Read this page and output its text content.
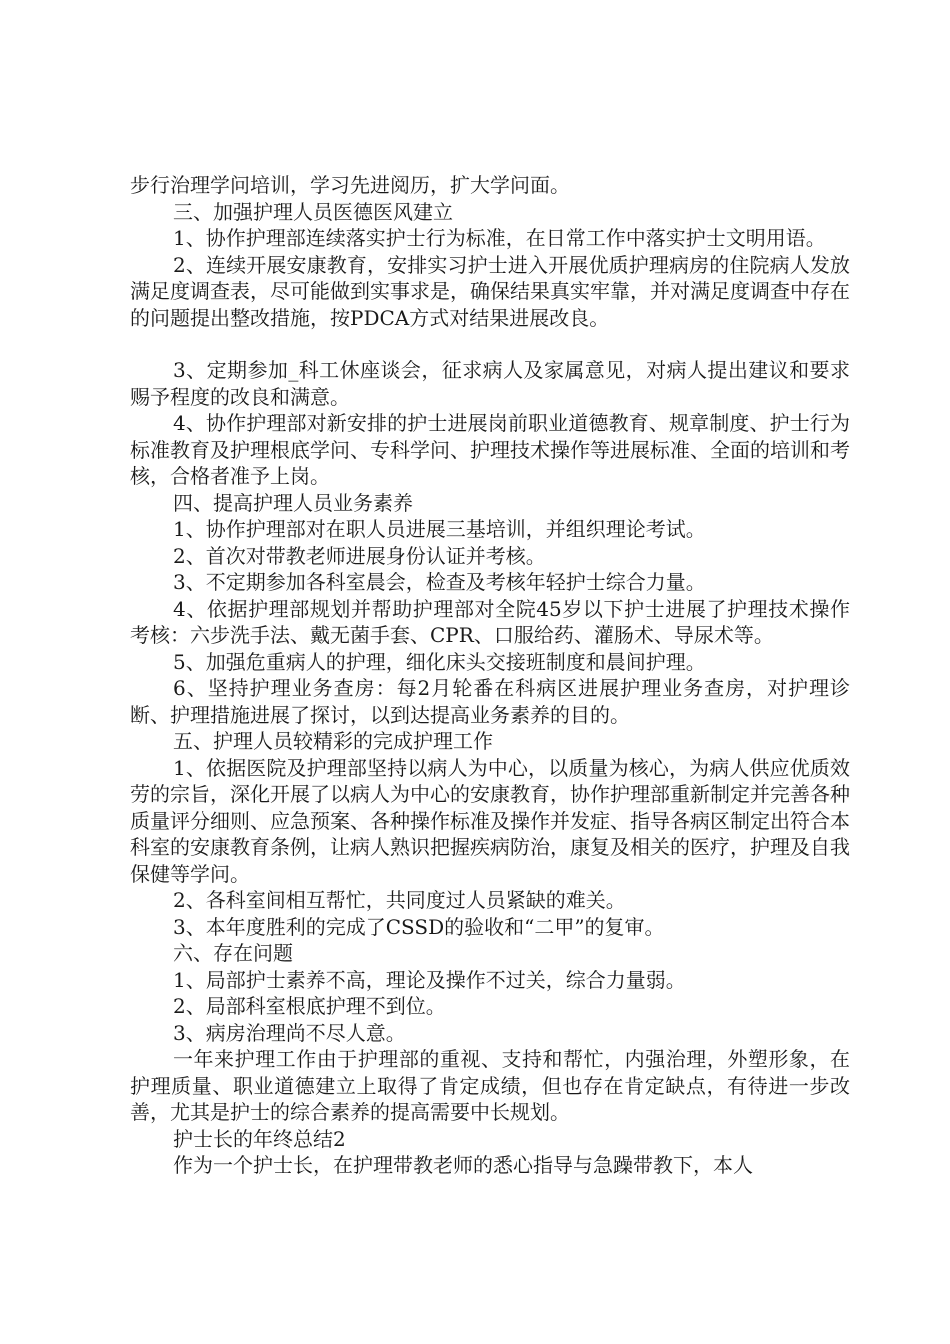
步行治理学问培训，学习先进阅历，扩大学问面。

三、加强护理人员医德医风建立

1、协作护理部连续落实护士行为标准，在日常工作中落实护士文明用语。

2、连续开展安康教育，安排实习护士进入开展优质护理病房的住院病人发放满足度调查表，尽可能做到实事求是，确保结果真实牢靠，并对满足度调查中存在的问题提出整改措施，按PDCA方式对结果进展改良。

3、定期参加_科工休座谈会，征求病人及家属意见，对病人提出建议和要求赐予程度的改良和满意。

4、协作护理部对新安排的护士进展岗前职业道德教育、规章制度、护士行为标准教育及护理根底学问、专科学问、护理技术操作等进展标准、全面的培训和考核，合格者准予上岗。

四、提高护理人员业务素养

1、协作护理部对在职人员进展三基培训，并组织理论考试。

2、首次对带教老师进展身份认证并考核。

3、不定期参加各科室晨会，检查及考核年轻护士综合力量。

4、依据护理部规划并帮助护理部对全院45岁以下护士进展了护理技术操作考核：六步洗手法、戴无菌手套、CPR、口服给药、灌肠术、导尿术等。

5、加强危重病人的护理，细化床头交接班制度和晨间护理。

6、坚持护理业务查房：每2月轮番在科病区进展护理业务查房，对护理诊断、护理措施进展了探讨，以到达提高业务素养的目的。

五、护理人员较精彩的完成护理工作

1、依据医院及护理部坚持以病人为中心，以质量为核心，为病人供应优质效劳的宗旨，深化开展了以病人为中心的安康教育，协作护理部重新制定并完善各种质量评分细则、应急预案、各种操作标准及操作并发症、指导各病区制定出符合本科室的安康教育条例，让病人熟识把握疾病防治，康复及相关的医疗，护理及自我保健等学问。

2、各科室间相互帮忙，共同度过人员紧缺的难关。

3、本年度胜利的完成了CSSD的验收和“二甲”的复审。

六、存在问题

1、局部护士素养不高，理论及操作不过关，综合力量弱。

2、局部科室根底护理不到位。

3、病房治理尚不尽人意。

一年来护理工作由于护理部的重视、支持和帮忙，内强治理，外塑形象，在护理质量、职业道德建立上取得了肯定成绩，但也存在肯定缺点，有待进一步改善，尤其是护士的综合素养的提高需要中长规划。

护士长的年终总结2

作为一个护士长，在护理带教老师的悉心指导与急躁带教下，本人
